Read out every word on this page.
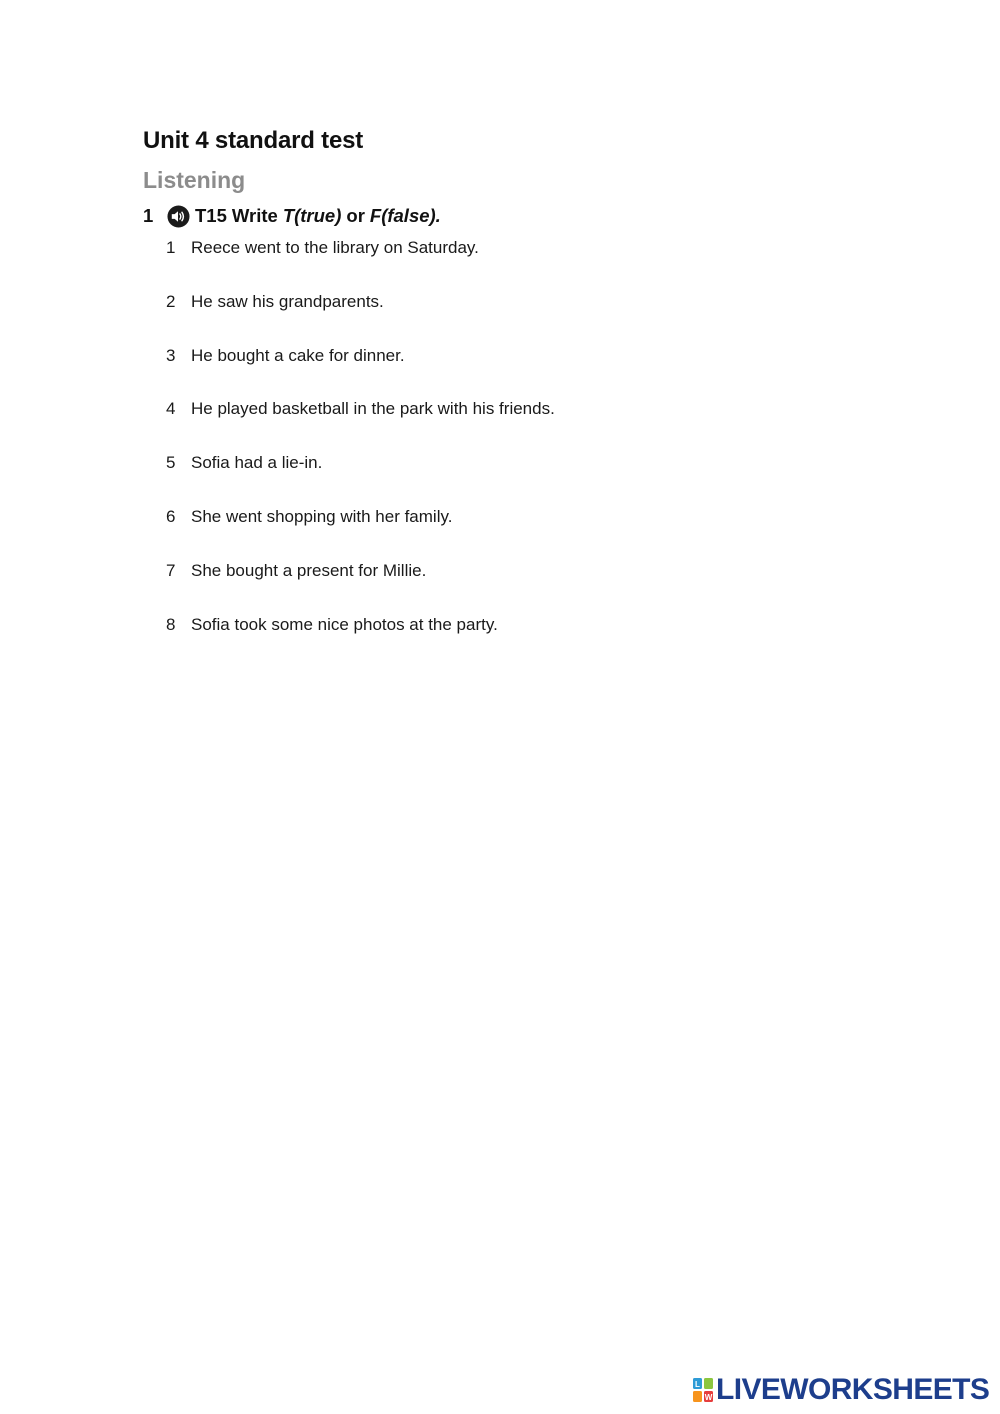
Unit 4 standard test
Listening
1	T15 Write T(true) or F(false).
1 Reece went to the library on Saturday.
2 He saw his grandparents.
3 He bought a cake for dinner.
4 He played basketball in the park with his friends.
5 Sofia had a lie-in.
6 She went shopping with her family.
7 She bought a present for Millie.
8 Sofia took some nice photos at the party.
L
W LIVEWORKSHEETS
